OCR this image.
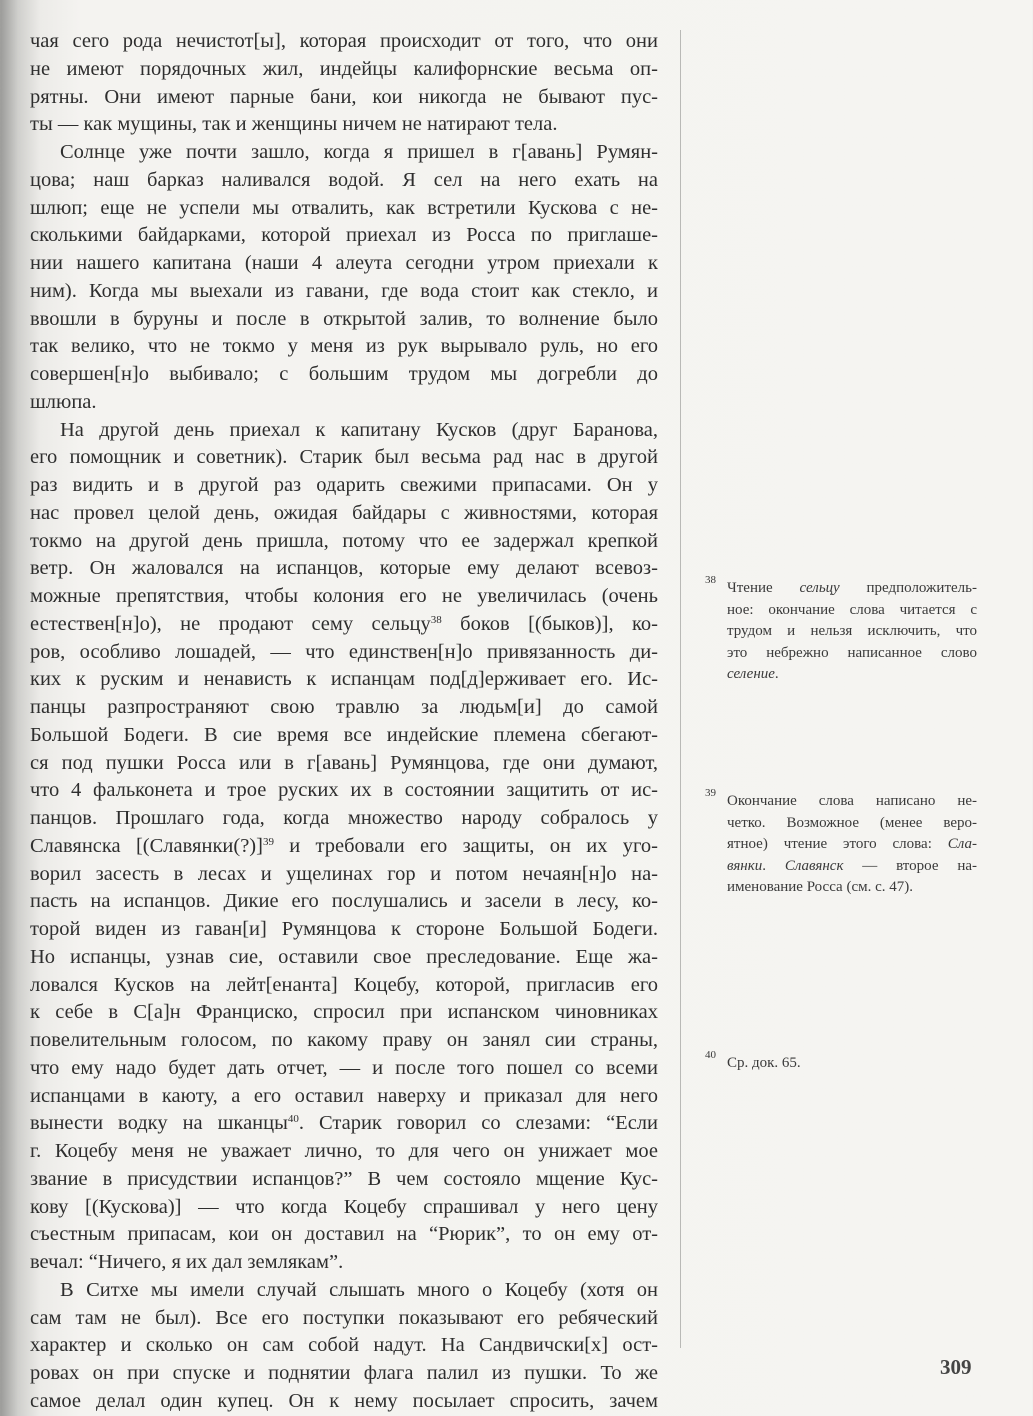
чая сего рода нечистот[ы], которая происходит от того, что они
не имеют порядочных жил, индейцы калифорнские весьма оп-
рятны. Они имеют парные бани, кои никогда не бывают пус-
ты — как мущины, так и женщины ничем не натирают тела.
Солнце уже почти зашло, когда я пришел в г[авань] Румян-
цова; наш барказ наливался водой. Я сел на него ехать на
шлюп; еще не успели мы отвалить, как встретили Кускова с не-
сколькими байдарками, которой приехал из Росса по приглаше-
нии нашего капитана (наши 4 алеута сегодни утром приехали к
ним). Когда мы выехали из гавани, где вода стоит как стекло, и
ввошли в буруны и после в открытой залив, то волнение было
так велико, что не токмо у меня из рук вырывало руль, но его
совершен[н]о выбивало; с большим трудом мы догребли до
шлюпа.
На другой день приехал к капитану Кусков (друг Баранова,
его помощник и советник). Старик был весьма рад нас в другой
раз видить и в другой раз одарить свежими припасами. Он у
нас провел целой день, ожидая байдары с живностями, которая
токмо на другой день пришла, потому что ее задержал крепкой
ветр. Он жаловался на испанцов, которые ему делают всевоз-
можные препятствия, чтобы колония его не увеличилась (очень
естествен[н]о), не продают сему сельцу$^{38}$ боков [(быков)], ко-
ров, особливо лошадей, — что единствен[н]о привязанность ди-
ких к руским и ненависть к испанцам под[д]ерживает его. Ис-
панцы разпространяют свою травлю за людьм[и] до самой
Большой Бодеги. В сие время все индейские племена сбегают-
ся под пушки Росса или в г[авань] Румянцова, где они думают,
что 4 фальконета и трое руских их в состоянии защитить от ис-
панцов. Прошлаго года, когда множество народу собралось у
Славянска [(Славянки(?)]$^{39}$ и требовали его защиты, он их уго-
ворил засесть в лесах и ущелинах гор и потом нечаян[н]о на-
пасть на испанцов. Дикие его послушались и засели в лесу, ко-
торой виден из гаван[и] Румянцова к стороне Большой Бодеги.
Но испанцы, узнав сие, оставили свое преследование. Еще жа-
ловался Кусков на лейт[енанта] Коцебу, которой, пригласив его
к себе в С[а]н Франциско, спросил при испанском чиновниках
повелительным голосом, по какому праву он занял сии страны,
что ему надо будет дать отчет, — и после того пошел со всеми
испанцами в каюту, а его оставил наверху и приказал для него
вынести водку на шканцы$^{40}$. Старик говорил со слезами: “Если
г. Коцебу меня не уважает лично, то для чего он унижает мое
звание в присудствии испанцов?” В чем состояло мщение Кус-
кову [(Кускова)] — что когда Коцебу спрашивал у него цену
съестным припасам, кои он доставил на “Рюрик”, то он ему от-
вечал: “Ничего, я их дал землякам”.
В Ситхе мы имели случай слышать много о Коцебу (хотя он
сам там не был). Все его поступки показывают его ребяческий
характер и сколько он сам собой надут. На Сандвичски[х] ост-
ровах он при спуске и поднятии флага палил из пушки. То же
самое делал один купец. Он к нему посылает спросить, зачем
38 Чтение сельцу предположитель-
ное: окончание слова читается с
трудом и нельзя исключить, что
это небрежно написанное слово
селение.
39 Окончание слова написано не-
четко. Возможное (менее веро-
ятное) чтение этого слова: Сла-
вянки. Славянск — второе на-
именование Росса (см. с. 47).
40 Ср. док. 65.
309
